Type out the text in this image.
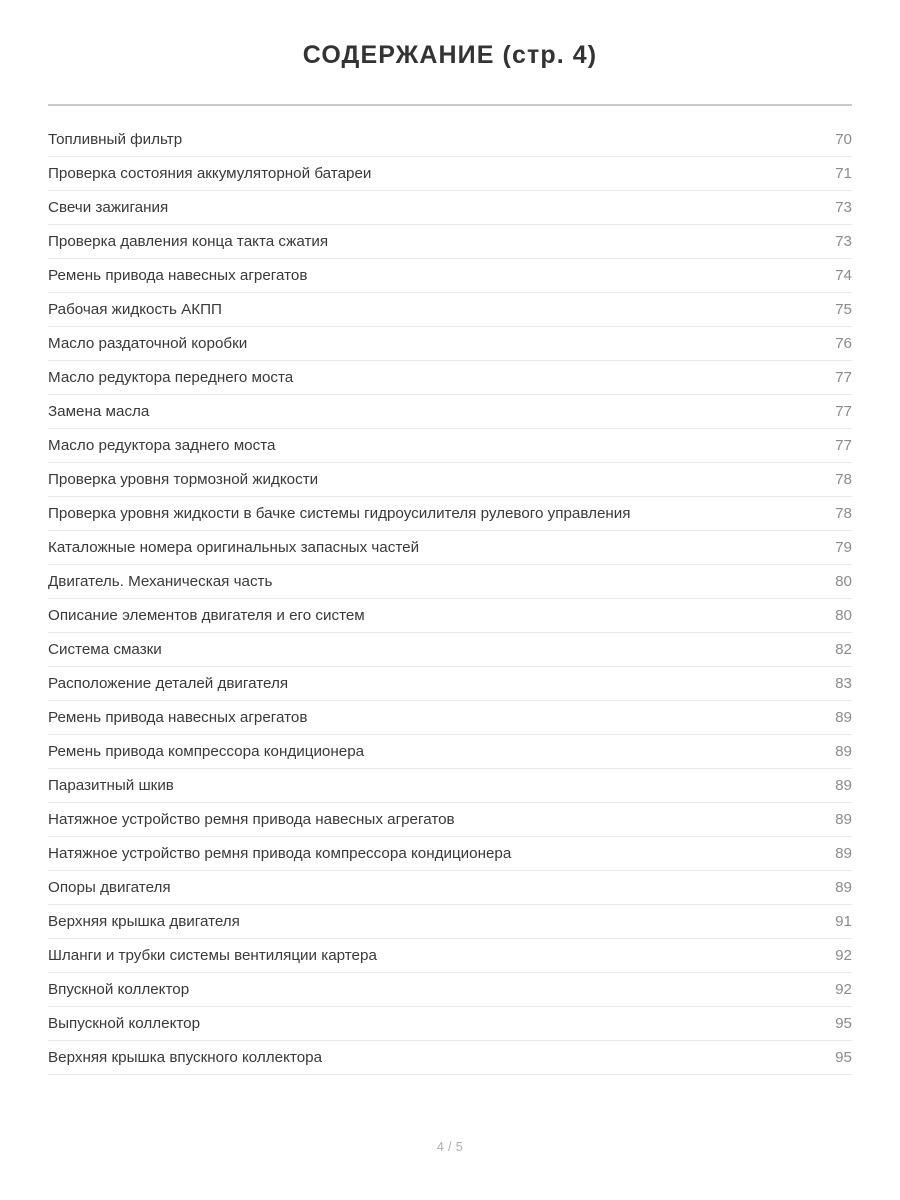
СОДЕРЖАНИЕ (стр. 4)
Топливный фильтр	70
Проверка состояния аккумуляторной батареи	71
Свечи зажигания	73
Проверка давления конца такта сжатия	73
Ремень привода навесных агрегатов	74
Рабочая жидкость АКПП	75
Масло раздаточной коробки	76
Масло редуктора переднего моста	77
Замена масла	77
Масло редуктора заднего моста	77
Проверка уровня тормозной жидкости	78
Проверка уровня жидкости в бачке системы гидроусилителя рулевого управления	78
Каталожные номера оригинальных запасных частей	79
Двигатель. Механическая часть	80
Описание элементов двигателя и его систем	80
Система смазки	82
Расположение деталей двигателя	83
Ремень привода навесных агрегатов	89
Ремень привода компрессора кондиционера	89
Паразитный шкив	89
Натяжное устройство ремня привода навесных агрегатов	89
Натяжное устройство ремня привода компрессора кондиционера	89
Опоры двигателя	89
Верхняя крышка двигателя	91
Шланги и трубки системы вентиляции картера	92
Впускной коллектор	92
Выпускной коллектор	95
Верхняя крышка впускного коллектора	95
4 / 5
